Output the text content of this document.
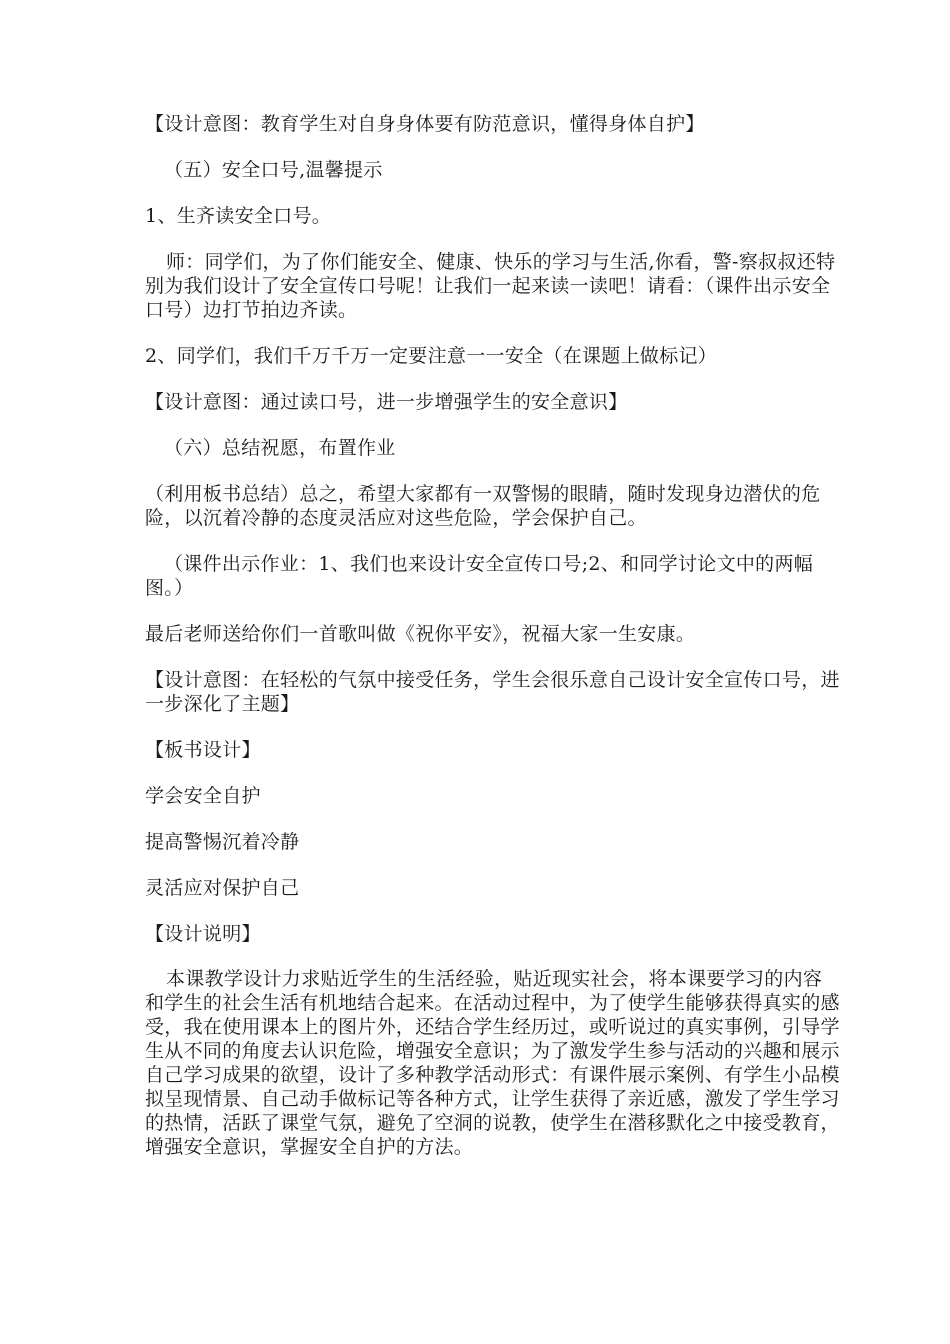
【设计意图：教育学生对自身身体要有防范意识，懂得身体自护】

（五）安全口号,温馨提示

1、生齐读安全口号。

师：同学们，为了你们能安全、健康、快乐的学习与生活,你看，警-察叔叔还特别为我们设计了安全宣传口号呢！让我们一起来读一读吧！请看：（课件出示安全口号）边打节拍边齐读。

2、同学们，我们千万千万一定要注意一一安全（在课题上做标记）

【设计意图：通过读口号，进一步增强学生的安全意识】

（六）总结祝愿，布置作业

（利用板书总结）总之，希望大家都有一双警惕的眼睛，随时发现身边潜伏的危险，以沉着冷静的态度灵活应对这些危险，学会保护自己。

（课件出示作业：1、我们也来设计安全宣传口号;2、和同学讨论文中的两幅图。）

最后老师送给你们一首歌叫做《祝你平安》，祝福大家一生安康。

【设计意图：在轻松的气氛中接受任务，学生会很乐意自己设计安全宣传口号，进一步深化了主题】

【板书设计】

学会安全自护

提高警惕沉着冷静

灵活应对保护自己

【设计说明】

本课教学设计力求贴近学生的生活经验，贴近现实社会，将本课要学习的内容和学生的社会生活有机地结合起来。在活动过程中，为了使学生能够获得真实的感受，我在使用课本上的图片外，还结合学生经历过，或听说过的真实事例，引导学生从不同的角度去认识危险，增强安全意识；为了激发学生参与活动的兴趣和展示自己学习成果的欲望，设计了多种教学活动形式：有课件展示案例、有学生小品模拟呈现情景、自己动手做标记等各种方式，让学生获得了亲近感，激发了学生学习的热情，活跃了课堂气氛，避免了空洞的说教，使学生在潜移默化之中接受教育，增强安全意识，掌握安全自护的方法。
